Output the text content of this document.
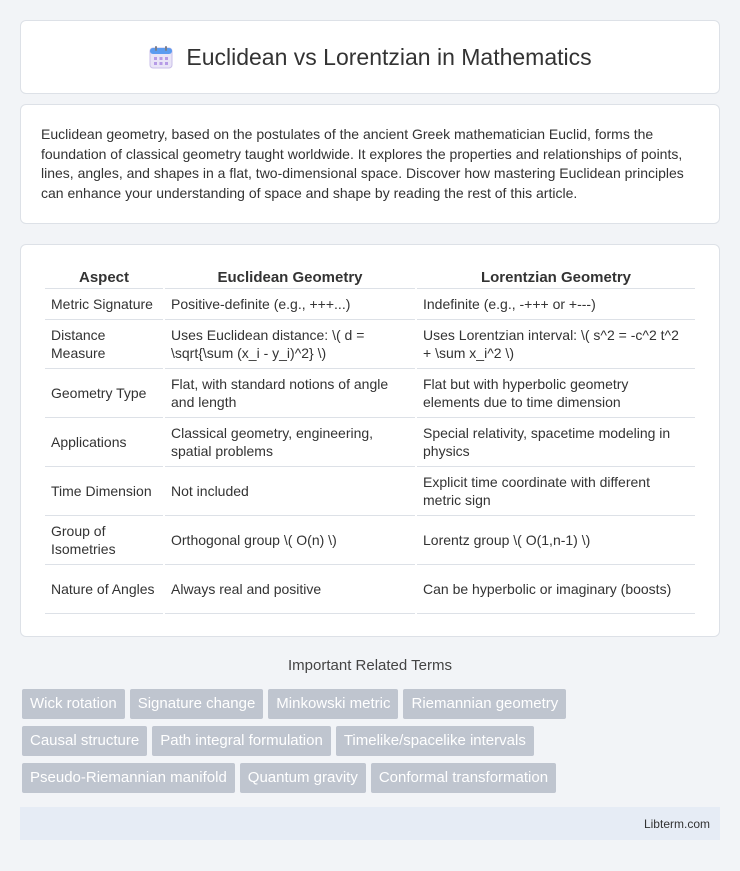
Euclidean vs Lorentzian in Mathematics

Euclidean geometry, based on the postulates of the ancient Greek mathematician Euclid, forms the foundation of classical geometry taught worldwide. It explores the properties and relationships of points, lines, angles, and shapes in a flat, two-dimensional space. Discover how mastering Euclidean principles can enhance your understanding of space and shape by reading the rest of this article.

Aspect	Euclidean Geometry	Lorentzian Geometry
Metric Signature	Positive-definite (e.g., +++...)	Indefinite (e.g., -+++ or +---)
Distance Measure	Uses Euclidean distance: \( d = \sqrt{\sum (x_i - y_i)^2} \)	Uses Lorentzian interval: \( s^2 = -c^2 t^2 + \sum x_i^2 \)
Geometry Type	Flat, with standard notions of angle and length	Flat but with hyperbolic geometry elements due to time dimension
Applications	Classical geometry, engineering, spatial problems	Special relativity, spacetime modeling in physics
Time Dimension	Not included	Explicit time coordinate with different metric sign
Group of Isometries	Orthogonal group \( O(n) \)	Lorentz group \( O(1,n-1) \)
Nature of Angles	Always real and positive	Can be hyperbolic or imaginary (boosts)
Important Related Terms
Wick rotation	Signature change	Minkowski metric	Riemannian geometry
Causal structure	Path integral formulation	Timelike/spacelike intervals
Pseudo-Riemannian manifold	Quantum gravity	Conformal transformation
Libterm.com
